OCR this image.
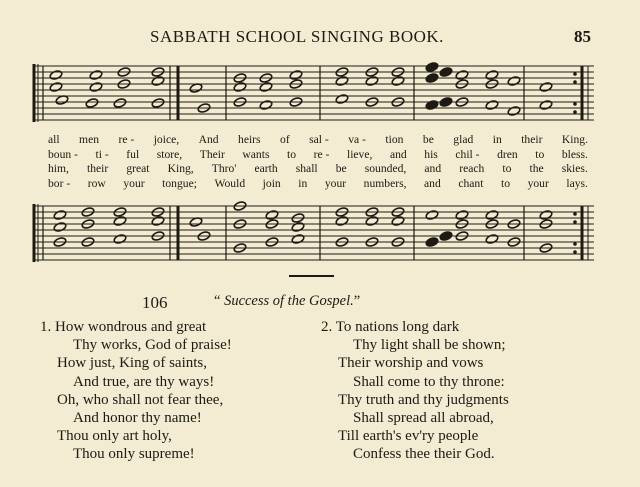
SABBATH SCHOOL SINGING BOOK.	85
all men re - joice, And heirs of sal - va - tion be glad in their King.
boun - ti - ful store, Their wants to re - lieve, and his chil - dren to bless.
him, their great King, Thro' earth shall be sounded, and reach to the skies.
bor - row your tongue; Would join in your numbers, and chant to your lays.
106	“ Success of the Gospel.”
1. How wondrous and great
Thy works, God of praise!
How just, King of saints,
And true, are thy ways!
Oh, who shall not fear thee,
And honor thy name!
Thou only art holy,
Thou only supreme!
2. To nations long dark
Thy light shall be shown;
Their worship and vows
Shall come to thy throne:
Thy truth and thy judgments
Shall spread all abroad,
Till earth's ev'ry people
Confess thee their God.
